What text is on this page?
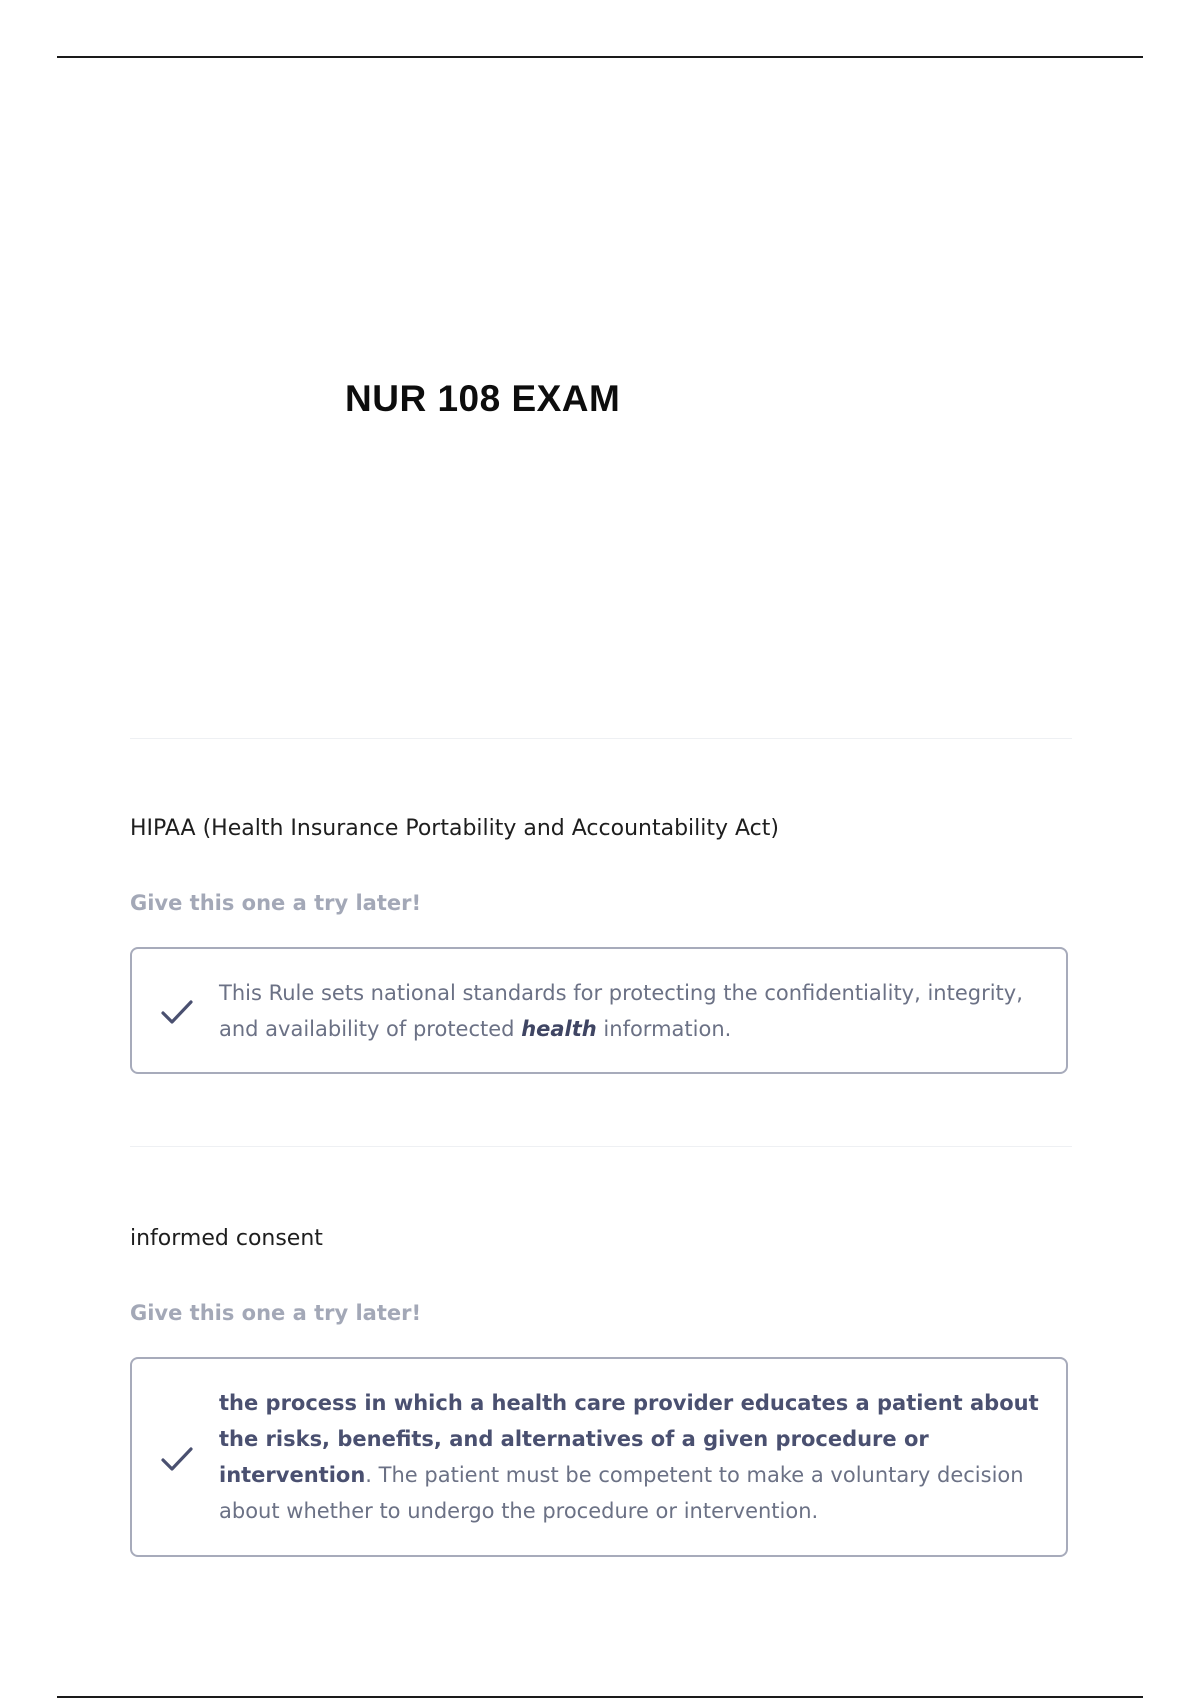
NUR 108 EXAM

HIPAA (Health Insurance Portability and Accountability Act)

Give this one a try later!

This Rule sets national standards for protecting the confidentiality, integrity, and availability of protected health information.

informed consent

Give this one a try later!

the process in which a health care provider educates a patient about the risks, benefits, and alternatives of a given procedure or intervention. The patient must be competent to make a voluntary decision about whether to undergo the procedure or intervention.
